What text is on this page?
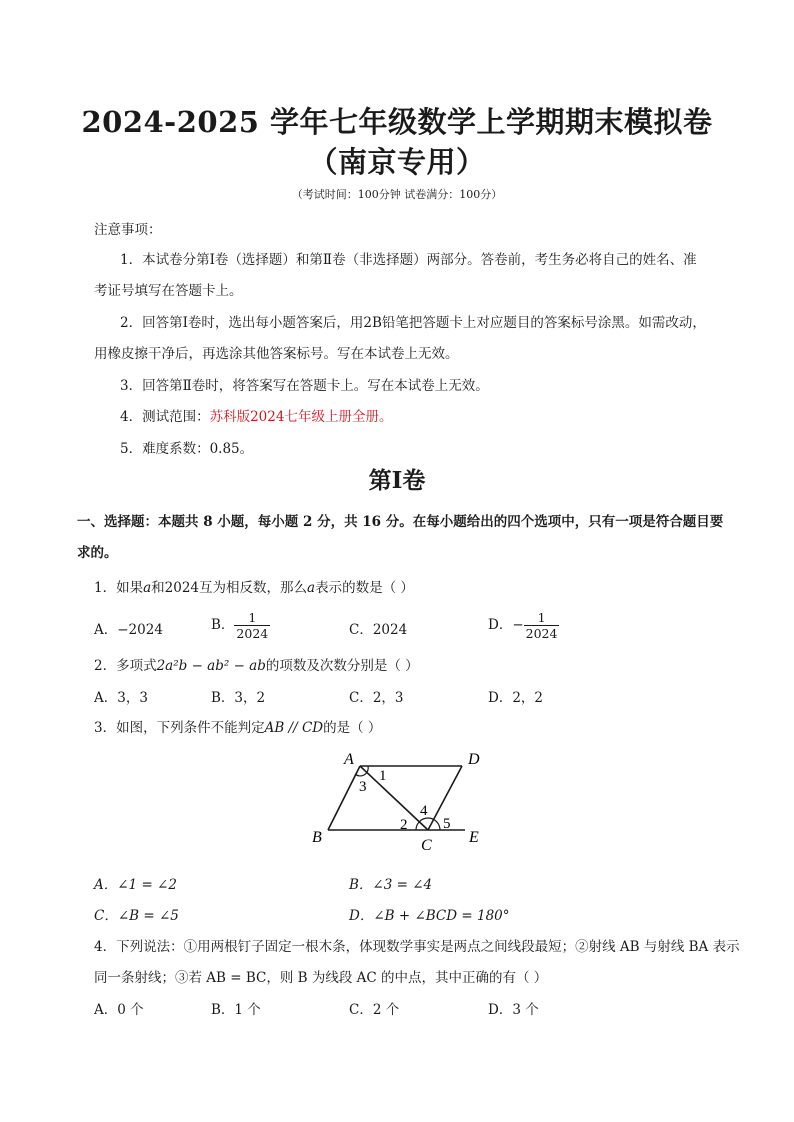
2024-2025 学年七年级数学上学期期末模拟卷
（南京专用）
（考试时间：100分钟 试卷满分：100分）
注意事项：
1．本试卷分第Ⅰ卷（选择题）和第Ⅱ卷（非选择题）两部分。答卷前，考生务必将自己的姓名、准
考证号填写在答题卡上。
2．回答第Ⅰ卷时，选出每小题答案后，用2B铅笔把答题卡上对应题目的答案标号涂黑。如需改动，
用橡皮擦干净后，再选涂其他答案标号。写在本试卷上无效。
3．回答第Ⅱ卷时，将答案写在答题卡上。写在本试卷上无效。
4．测试范围：苏科版2024七年级上册全册。
5．难度系数：0.85。
第Ⅰ卷
一、选择题：本题共 8 小题，每小题 2 分，共 16 分。在每小题给出的四个选项中，只有一项是符合题目要
求的。
1．如果a和2024互为相反数，那么a表示的数是（ ）
A．−2024	B． $\frac{1}{2024}$	C．2024	D．− $\frac{1}{2024}$
2．多项式2a²b − ab² − ab的项数及次数分别是（ ）
A．3，3	B．3，2	C．2，3	D．2，2
3．如图，下列条件不能判定AB // CD的是（ ）
A	D
B	C E
1
3
4
2 5
A．∠1 = ∠2	B．∠3 = ∠4
C．∠B = ∠5	D．∠B + ∠BCD = 180°
4．下列说法：①用两根钉子固定一根木条，体现数学事实是两点之间线段最短；②射线 AB 与射线 BA 表示
同一条射线；③若 AB = BC，则 B 为线段 AC 的中点，其中正确的有（ ）
A．0 个	B．1 个	C．2 个	D．3 个
